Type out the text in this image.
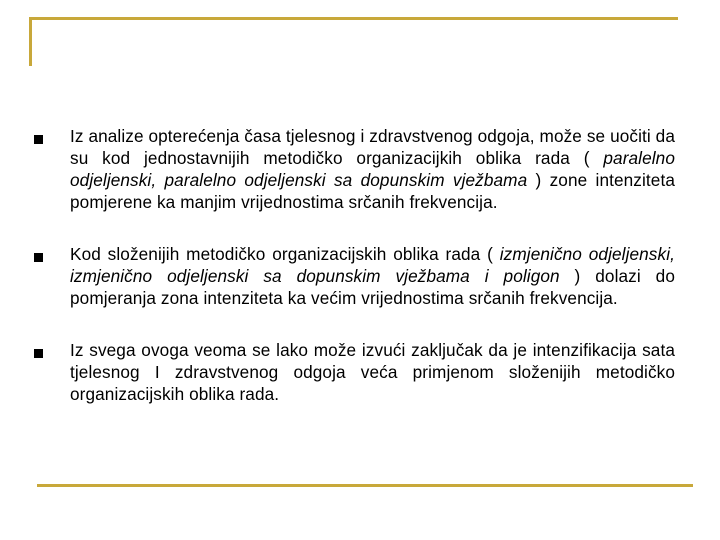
Iz analize opterećenja časa tjelesnog i zdravstvenog odgoja, može se uočiti da su kod jednostavnijih metodičko organizacijkih oblika rada ( paralelno odjeljenski, paralelno odjeljenski sa dopunskim vježbama ) zone intenziteta pomjerene ka manjim vrijednostima srčanih frekvencija.
Kod složenijih metodičko organizacijskih oblika rada ( izmjenično odjeljenski, izmjenično odjeljenski sa dopunskim vježbama i poligon ) dolazi do pomjeranja zona intenziteta ka većim vrijednostima srčanih frekvencija.
Iz svega ovoga veoma se lako može izvući zaključak da je intenzifikacija sata tjelesnog I zdravstvenog odgoja veća primjenom složenijih metodičko organizacijskih oblika rada.
